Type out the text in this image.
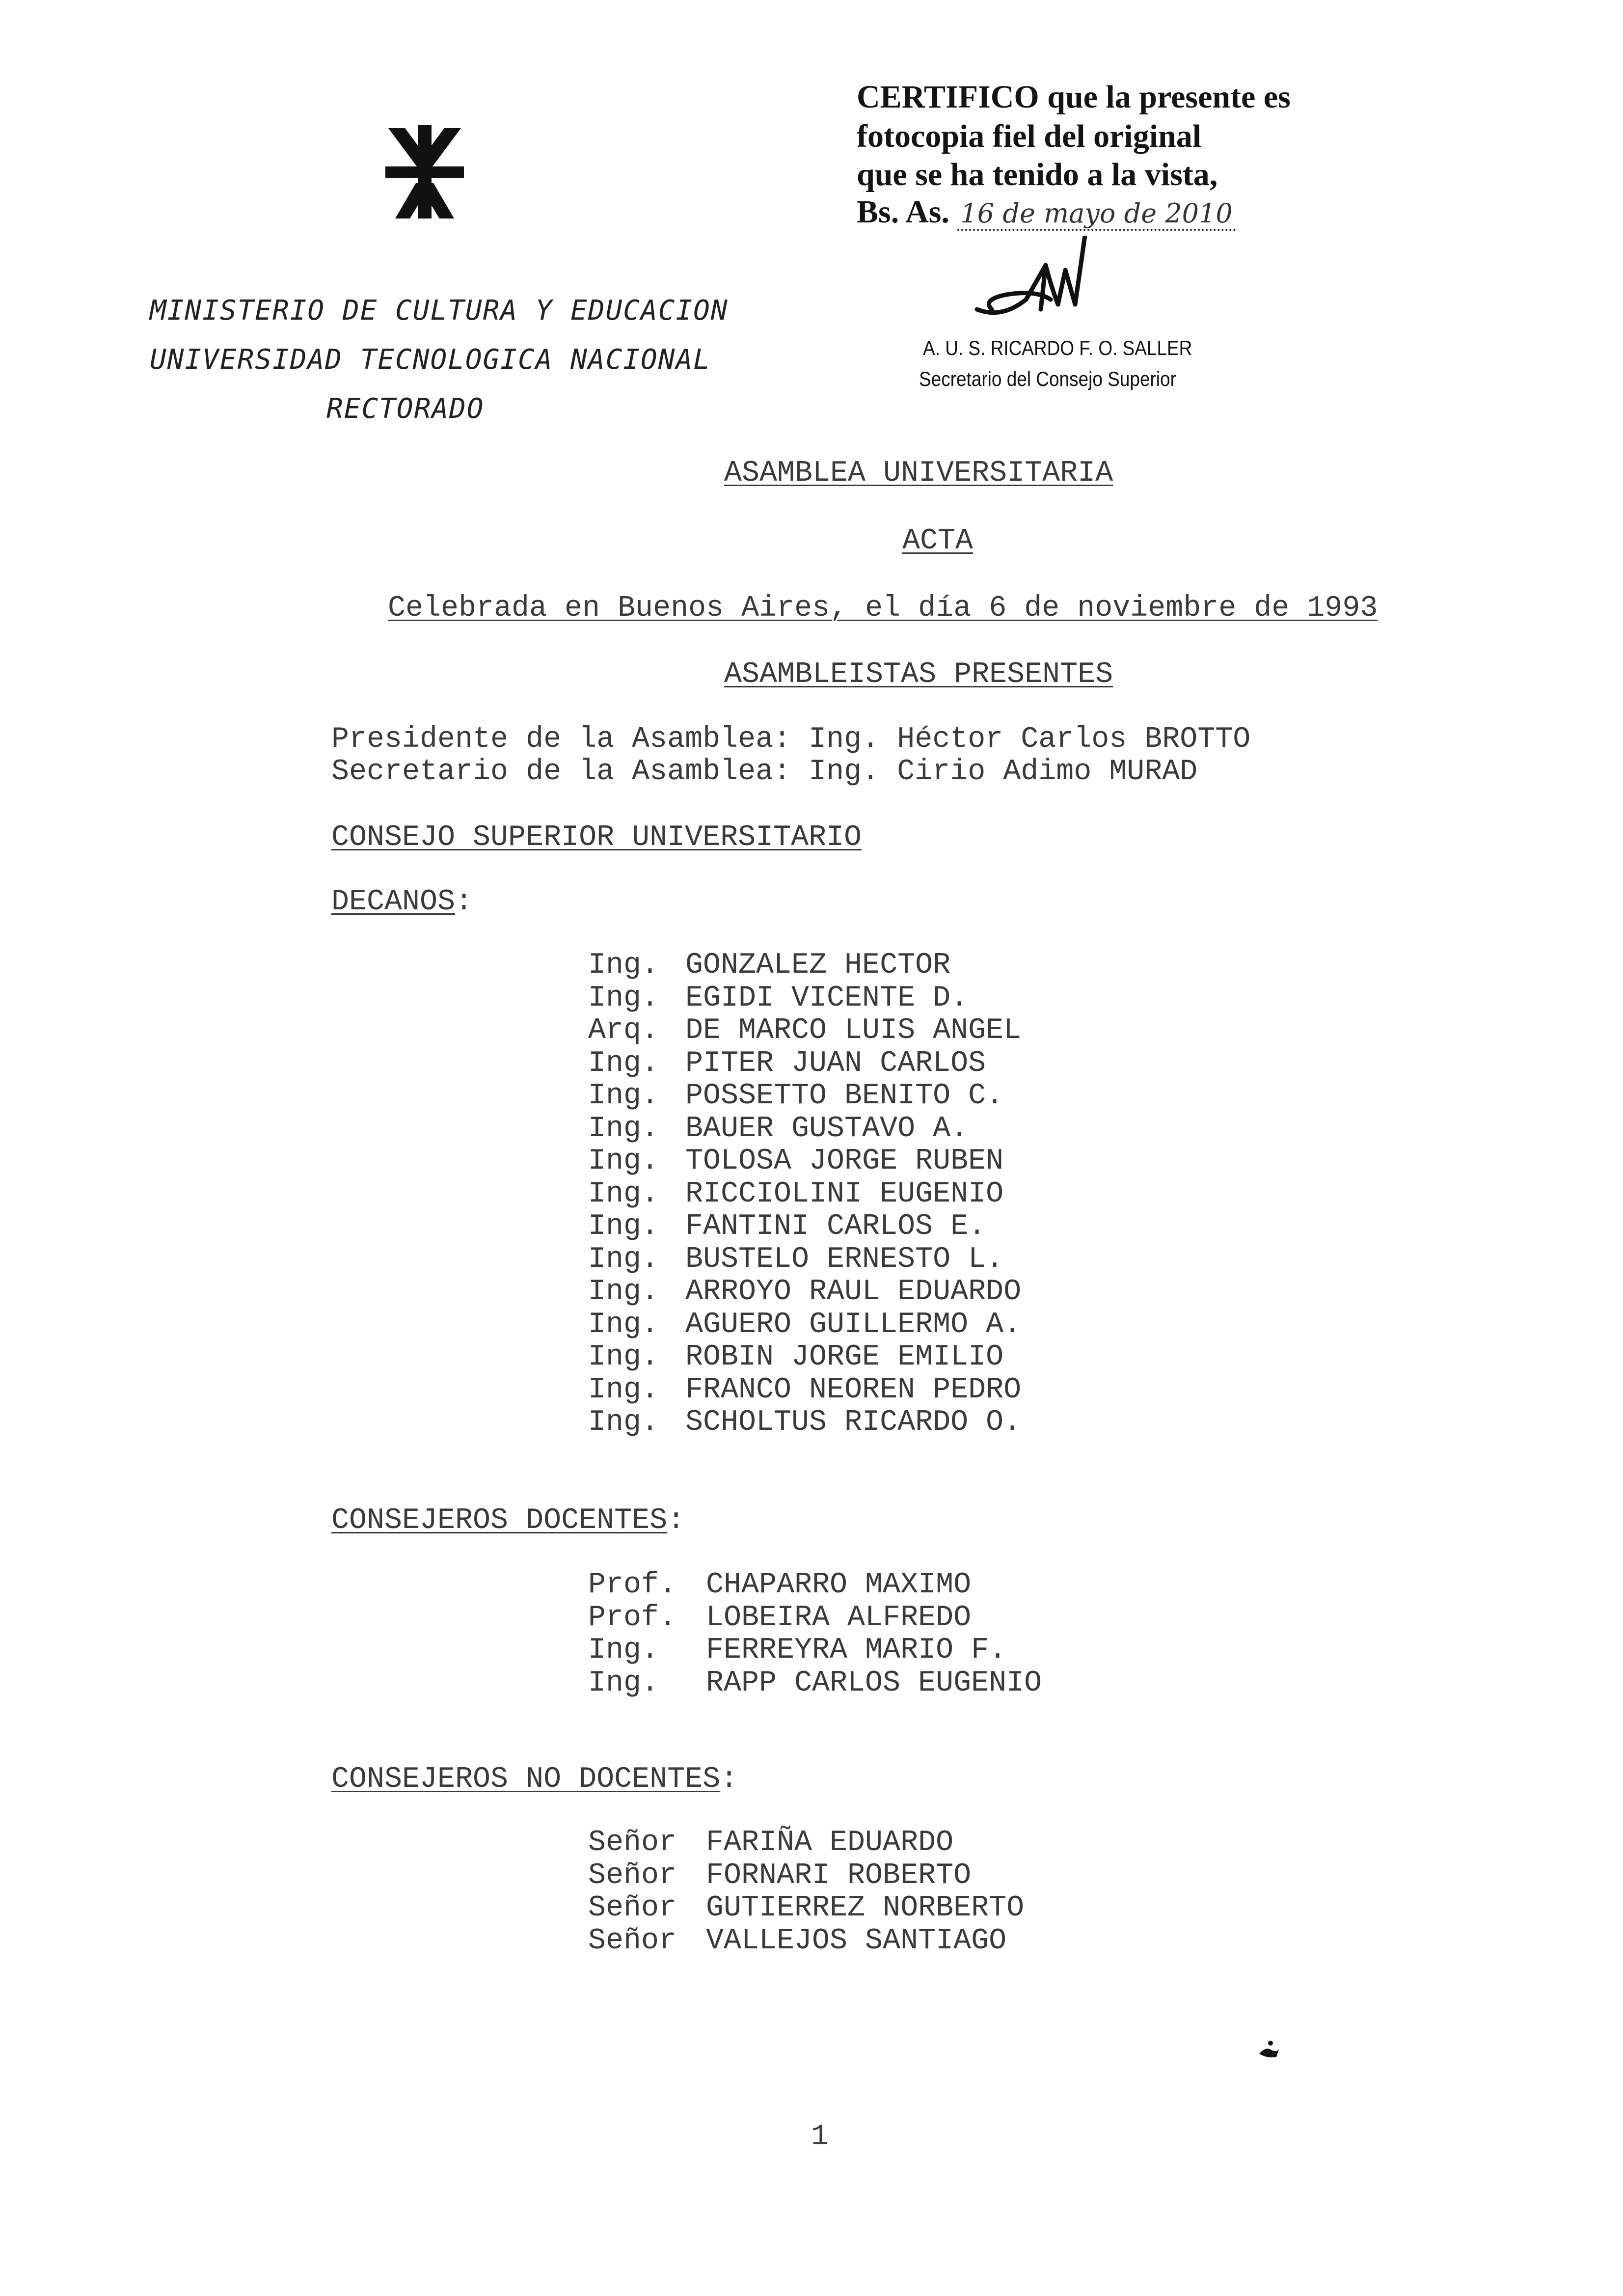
MINISTERIO DE CULTURA Y EDUCACION
UNIVERSIDAD TECNOLOGICA NACIONAL
RECTORADO
CERTIFICO que la presente es
fotocopia fiel del original
que se ha tenido a la vista,
Bs. As. 16 de mayo de 2010
A. U. S. RICARDO F. O. SALLER
Secretario del Consejo Superior
ASAMBLEA UNIVERSITARIA
ACTA
Celebrada en Buenos Aires, el día 6 de noviembre de 1993
ASAMBLEISTAS PRESENTES
Presidente de la Asamblea: Ing. Héctor Carlos BROTTO
Secretario de la Asamblea: Ing. Cirio Adimo MURAD
CONSEJO SUPERIOR UNIVERSITARIO
DECANOS:
Ing. GONZALEZ HECTOR
Ing. EGIDI VICENTE D.
Arq. DE MARCO LUIS ANGEL
Ing. PITER JUAN CARLOS
Ing. POSSETTO BENITO C.
Ing. BAUER GUSTAVO A.
Ing. TOLOSA JORGE RUBEN
Ing. RICCIOLINI EUGENIO
Ing. FANTINI CARLOS E.
Ing. BUSTELO ERNESTO L.
Ing. ARROYO RAUL EDUARDO
Ing. AGUERO GUILLERMO A.
Ing. ROBIN JORGE EMILIO
Ing. FRANCO NEOREN PEDRO
Ing. SCHOLTUS RICARDO O.
CONSEJEROS DOCENTES:
Prof. CHAPARRO MAXIMO
Prof. LOBEIRA ALFREDO
Ing. FERREYRA MARIO F.
Ing. RAPP CARLOS EUGENIO
CONSEJEROS NO DOCENTES:
Señor FARIÑA EDUARDO
Señor FORNARI ROBERTO
Señor GUTIERREZ NORBERTO
Señor VALLEJOS SANTIAGO
1
